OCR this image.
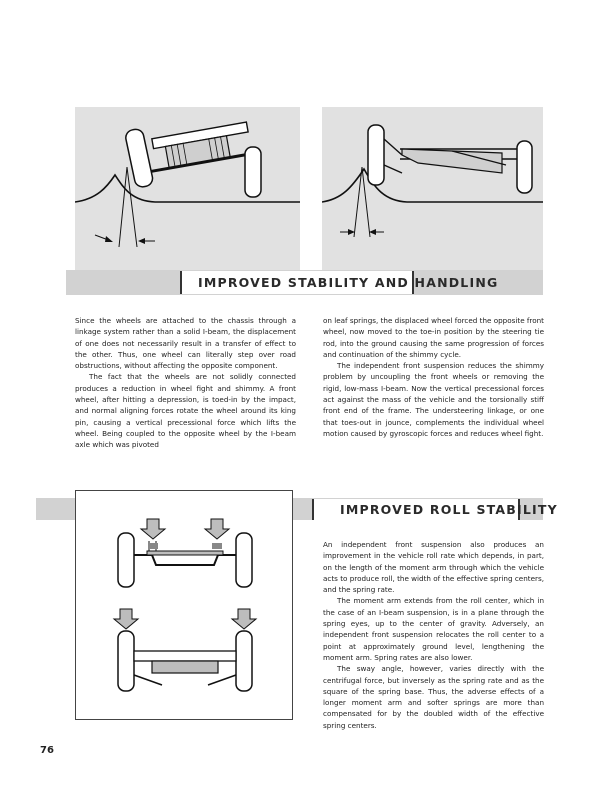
IMPROVED STABILITY AND HANDLING

Since the wheels are attached to the chassis through a linkage system rather than a solid I-beam, the displacement of one does not necessarily result in a transfer of effect to the other. Thus, one wheel can literally step over road obstructions, without affecting the opposite component.

The fact that the wheels are not solidly connected produces a reduction in wheel fight and shimmy. A front wheel, after hitting a depression, is toed-in by the impact, and normal aligning forces rotate the wheel around its king pin, causing a vertical precessional force which lifts the wheel. Being coupled to the opposite wheel by the I-beam axle which was pivoted

on leaf springs, the displaced wheel forced the opposite front wheel, now moved to the toe-in position by the steering tie rod, into the ground causing the same progression of forces and continuation of the shimmy cycle.

The independent front suspension reduces the shimmy problem by uncoupling the front wheels or removing the rigid, low-mass I-beam. Now the vertical precessional forces act against the mass of the vehicle and the torsionally stiff front end of the frame. The understeering linkage, or one that toes-out in jounce, complements the individual wheel motion caused by gyroscopic forces and reduces wheel fight.

IMPROVED ROLL STABILITY

An independent front suspension also produces an improvement in the vehicle roll rate which depends, in part, on the length of the moment arm through which the vehicle acts to produce roll, the width of the effective spring centers, and the spring rate.

The moment arm extends from the roll center, which in the case of an I-beam suspension, is in a plane through the spring eyes, up to the center of gravity. Adversely, an independent front suspension relocates the roll center to a point at approximately ground level, lengthening the moment arm. Spring rates are also lower.

The sway angle, however, varies directly with the centrifugal force, but inversely as the spring rate and as the square of the spring base. Thus, the adverse effects of a longer moment arm and softer springs are more than compensated for by the doubled width of the effective spring centers.

76
